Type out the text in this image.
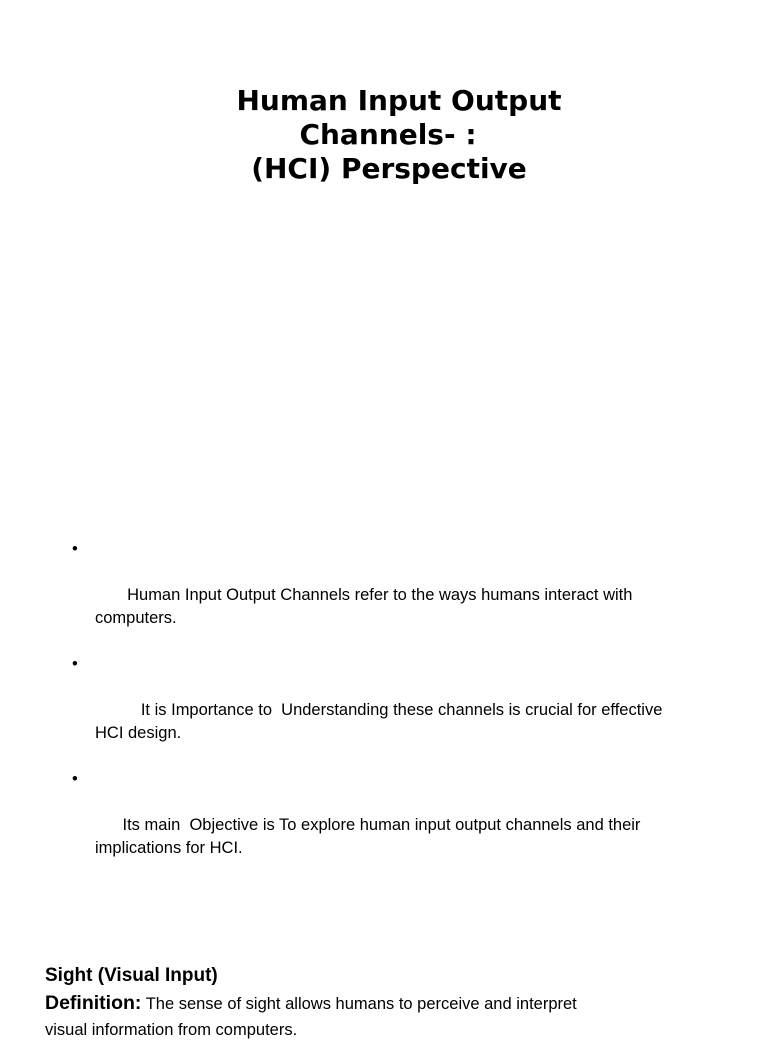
Human Input Output
Channels- :
(HCI) Perspective

•

Human Input Output Channels refer to the ways humans interact with computers.

•

It is Importance to  Understanding these channels is crucial for effective HCI design.

•

Its main  Objective is To explore human input output channels and their implications for HCI.

Sight (Visual Input)

Definition: The sense of sight allows humans to perceive and interpret

visual information from computers.
